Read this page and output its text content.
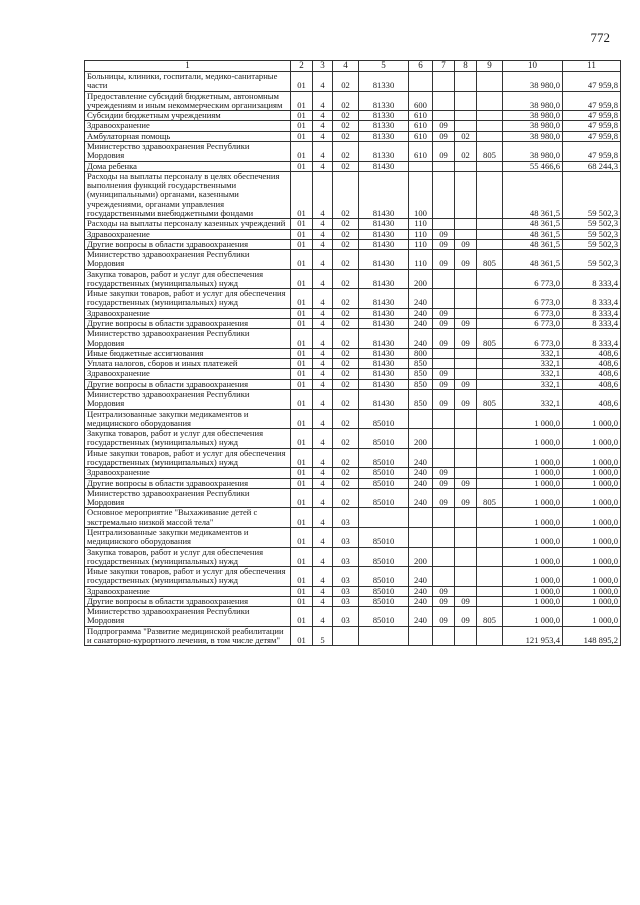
772
1	2	3	4	5	6	7	8	9	10	11
Больницы, клиники, госпитали, медико-санитарные части	01	4	02	81330					38 980,0	47 959,8
Предоставление субсидий бюджетным, автономным учреждениям и иным некоммерческим организациям	01	4	02	81330	600				38 980,0	47 959,8
Субсидии бюджетным учреждениям	01	4	02	81330	610				38 980,0	47 959,8
Здравоохранение	01	4	02	81330	610	09			38 980,0	47 959,8
Амбулаторная помощь	01	4	02	81330	610	09	02		38 980,0	47 959,8
Министерство здравоохранения Республики Мордовия	01	4	02	81330	610	09	02	805	38 980,0	47 959,8
Дома ребенка	01	4	02	81430					55 466,6	68 244,3
Расходы на выплаты персоналу в целях обеспечения выполнения функций государственными (муниципальными) органами, казенными учреждениями, органами управления государственными внебюджетными фондами	01	4	02	81430	100				48 361,5	59 502,3
Расходы на выплаты персоналу казенных учреждений	01	4	02	81430	110				48 361,5	59 502,3
Здравоохранение	01	4	02	81430	110	09			48 361,5	59 502,3
Другие вопросы в области здравоохранения	01	4	02	81430	110	09	09		48 361,5	59 502,3
Министерство здравоохранения Республики Мордовия	01	4	02	81430	110	09	09	805	48 361,5	59 502,3
Закупка товаров, работ и услуг для обеспечения государственных (муниципальных) нужд	01	4	02	81430	200				6 773,0	8 333,4
Иные закупки товаров, работ и услуг для обеспечения государственных (муниципальных) нужд	01	4	02	81430	240				6 773,0	8 333,4
Здравоохранение	01	4	02	81430	240	09			6 773,0	8 333,4
Другие вопросы в области здравоохранения	01	4	02	81430	240	09	09		6 773,0	8 333,4
Министерство здравоохранения Республики Мордовия	01	4	02	81430	240	09	09	805	6 773,0	8 333,4
Иные бюджетные ассигнования	01	4	02	81430	800				332,1	408,6
Уплата налогов, сборов и иных платежей	01	4	02	81430	850				332,1	408,6
Здравоохранение	01	4	02	81430	850	09			332,1	408,6
Другие вопросы в области здравоохранения	01	4	02	81430	850	09	09		332,1	408,6
Министерство здравоохранения Республики Мордовия	01	4	02	81430	850	09	09	805	332,1	408,6
Централизованные закупки медикаментов и медицинского оборудования	01	4	02	85010					1 000,0	1 000,0
Закупка товаров, работ и услуг для обеспечения государственных (муниципальных) нужд	01	4	02	85010	200				1 000,0	1 000,0
Иные закупки товаров, работ и услуг для обеспечения государственных (муниципальных) нужд	01	4	02	85010	240				1 000,0	1 000,0
Здравоохранение	01	4	02	85010	240	09			1 000,0	1 000,0
Другие вопросы в области здравоохранения	01	4	02	85010	240	09	09		1 000,0	1 000,0
Министерство здравоохранения Республики Мордовия	01	4	02	85010	240	09	09	805	1 000,0	1 000,0
Основное мероприятие "Выхаживание детей с экстремально низкой массой тела"	01	4	03						1 000,0	1 000,0
Централизованные закупки медикаментов и медицинского оборудования	01	4	03	85010					1 000,0	1 000,0
Закупка товаров, работ и услуг для обеспечения государственных (муниципальных) нужд	01	4	03	85010	200				1 000,0	1 000,0
Иные закупки товаров, работ и услуг для обеспечения государственных (муниципальных) нужд	01	4	03	85010	240				1 000,0	1 000,0
Здравоохранение	01	4	03	85010	240	09			1 000,0	1 000,0
Другие вопросы в области здравоохранения	01	4	03	85010	240	09	09		1 000,0	1 000,0
Министерство здравоохранения Республики Мордовия	01	4	03	85010	240	09	09	805	1 000,0	1 000,0
Подпрограмма "Развитие медицинской реабилитации и санаторно-курортного лечения, в том числе детям"	01	5							121 953,4	148 895,2
